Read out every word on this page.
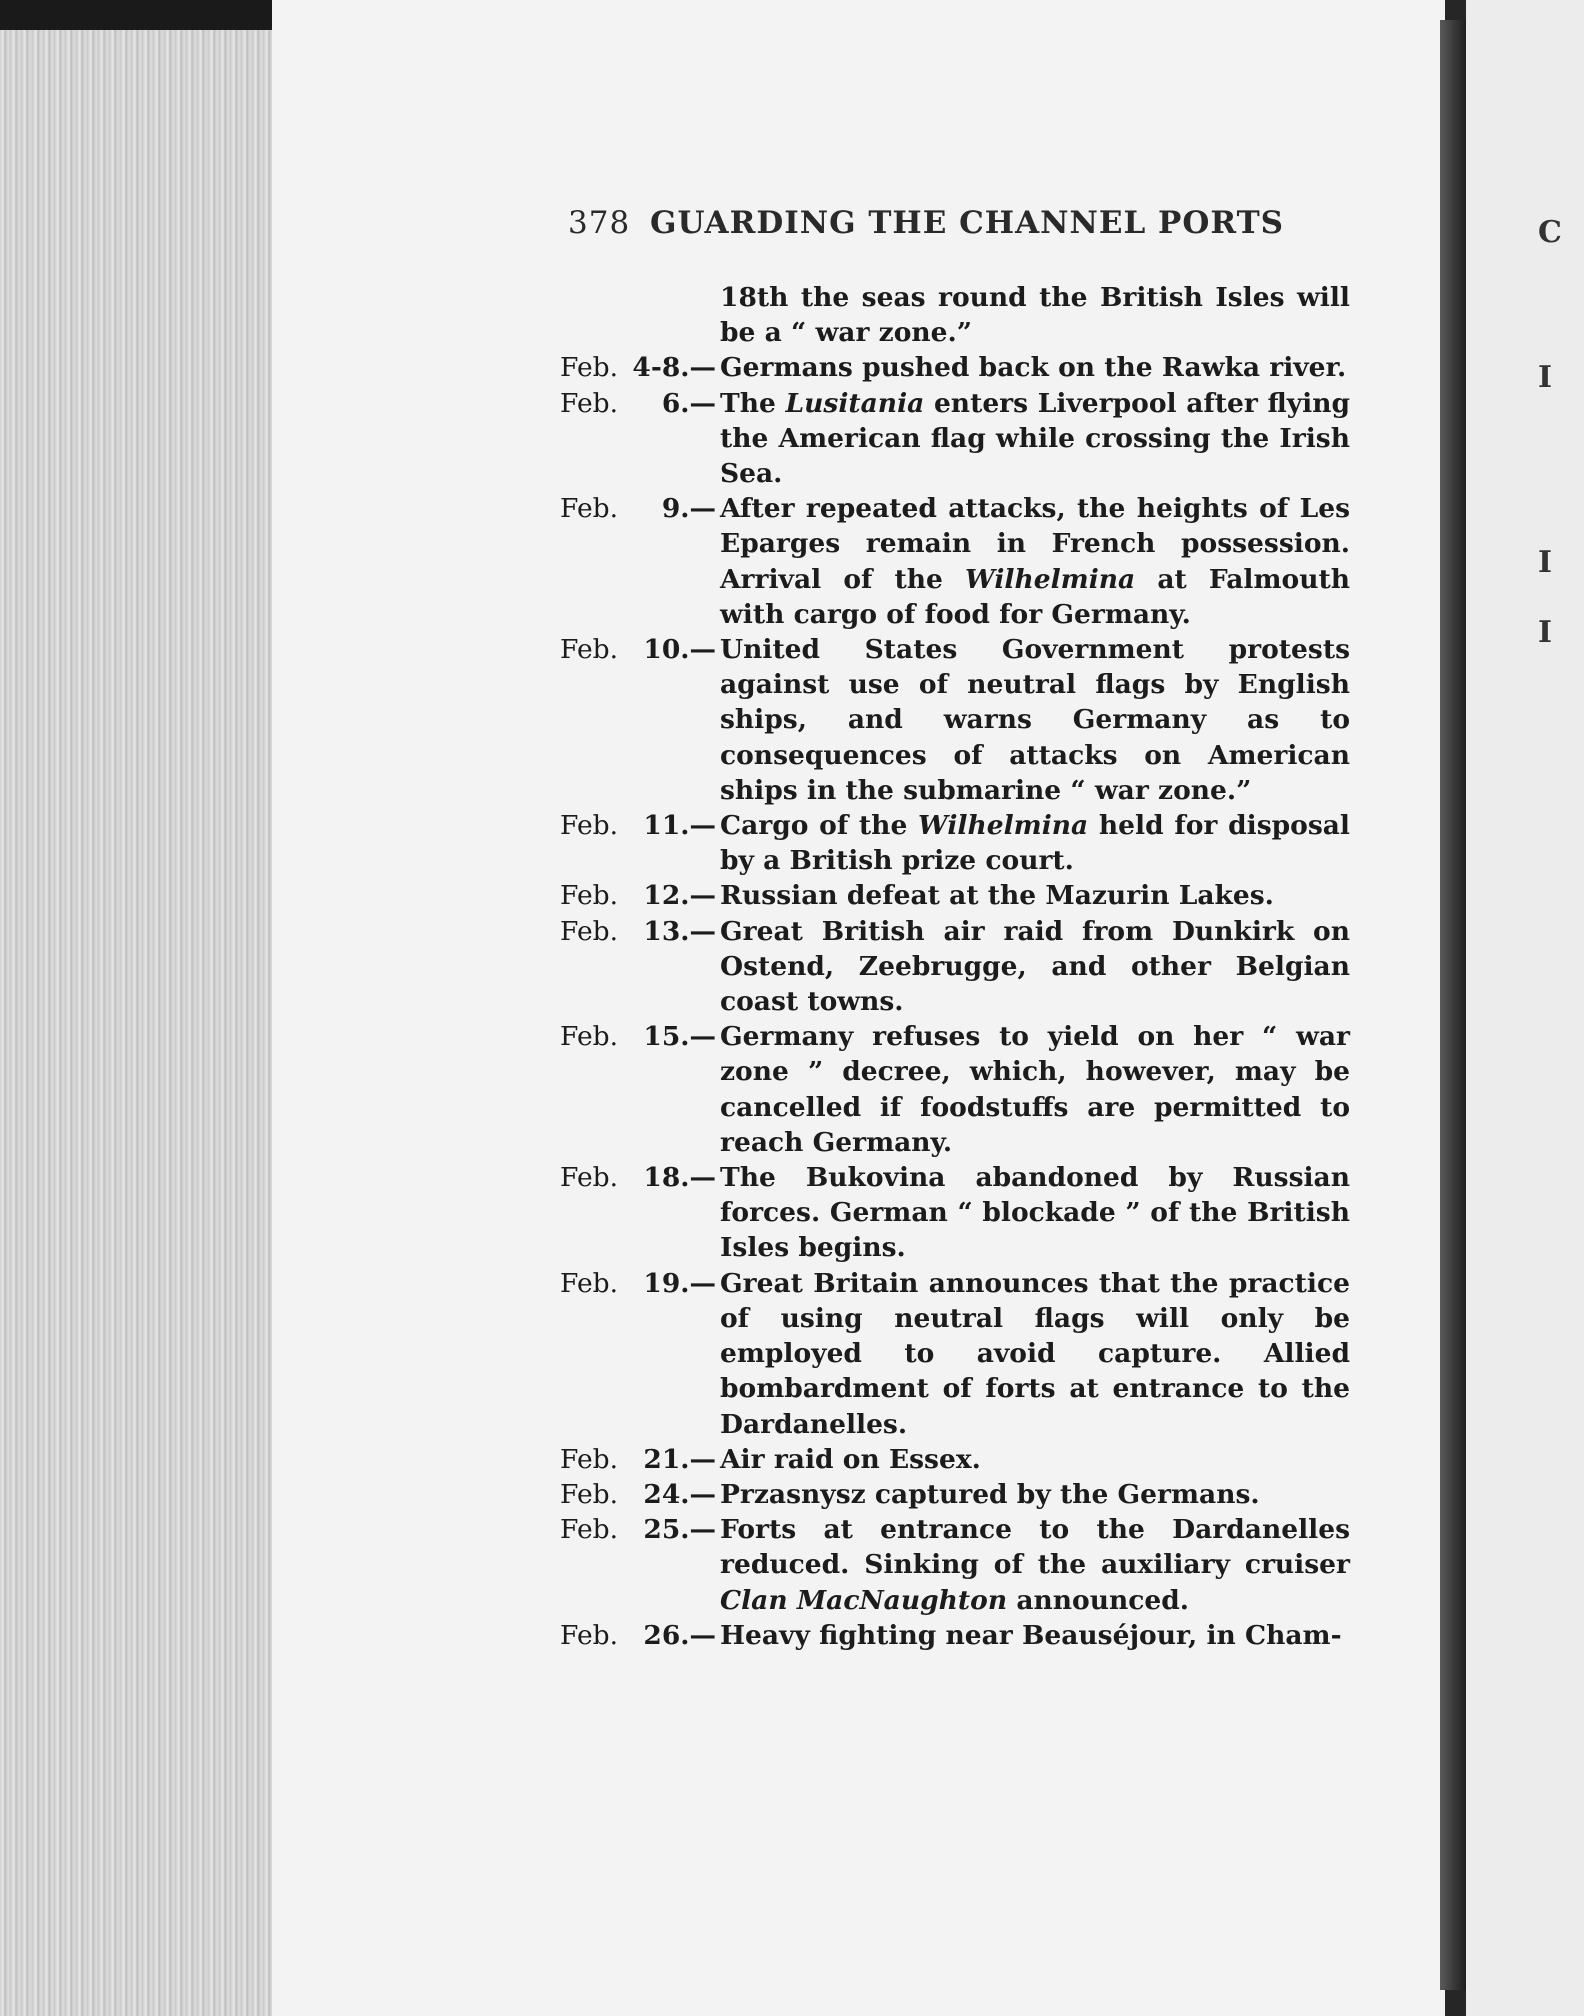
378 GUARDING THE CHANNEL PORTS
18th the seas round the British Isles will be a “ war zone.”
Feb. 4-8.— Germans pushed back on the Rawka river.
Feb.	6.— The Lusitania enters Liverpool after flying the American flag while crossing the Irish Sea.
Feb.	9.— After repeated attacks, the heights of Les Eparges remain in French possession. Arrival of the Wilhelmina at Falmouth with cargo of food for Germany.
Feb. 10.— United States Government protests against use of neutral flags by English ships, and warns Germany as to consequences of attacks on American ships in the submarine “ war zone.”
Feb. 11.— Cargo of the Wilhelmina held for disposal by a British prize court.
Feb. 12.— Russian defeat at the Mazurin Lakes.
Feb. 13.— Great British air raid from Dunkirk on Ostend, Zeebrugge, and other Belgian coast towns.
Feb. 15.— Germany refuses to yield on her “ war zone ” decree, which, however, may be cancelled if foodstuffs are permitted to reach Germany.
Feb. 18.— The Bukovina abandoned by Russian forces. German “ blockade ” of the British Isles begins.
Feb. 19.— Great Britain announces that the practice of using neutral flags will only be employed to avoid capture. Allied bombardment of forts at entrance to the Dardanelles.
Feb. 21.— Air raid on Essex.
Feb. 24.— Przasnysz captured by the Germans.
Feb. 25.— Forts at entrance to the Dardanelles reduced. Sinking of the auxiliary cruiser Clan MacNaughton announced.
Feb. 26.— Heavy fighting near Beauséjour, in Cham-
C
I
I
I
